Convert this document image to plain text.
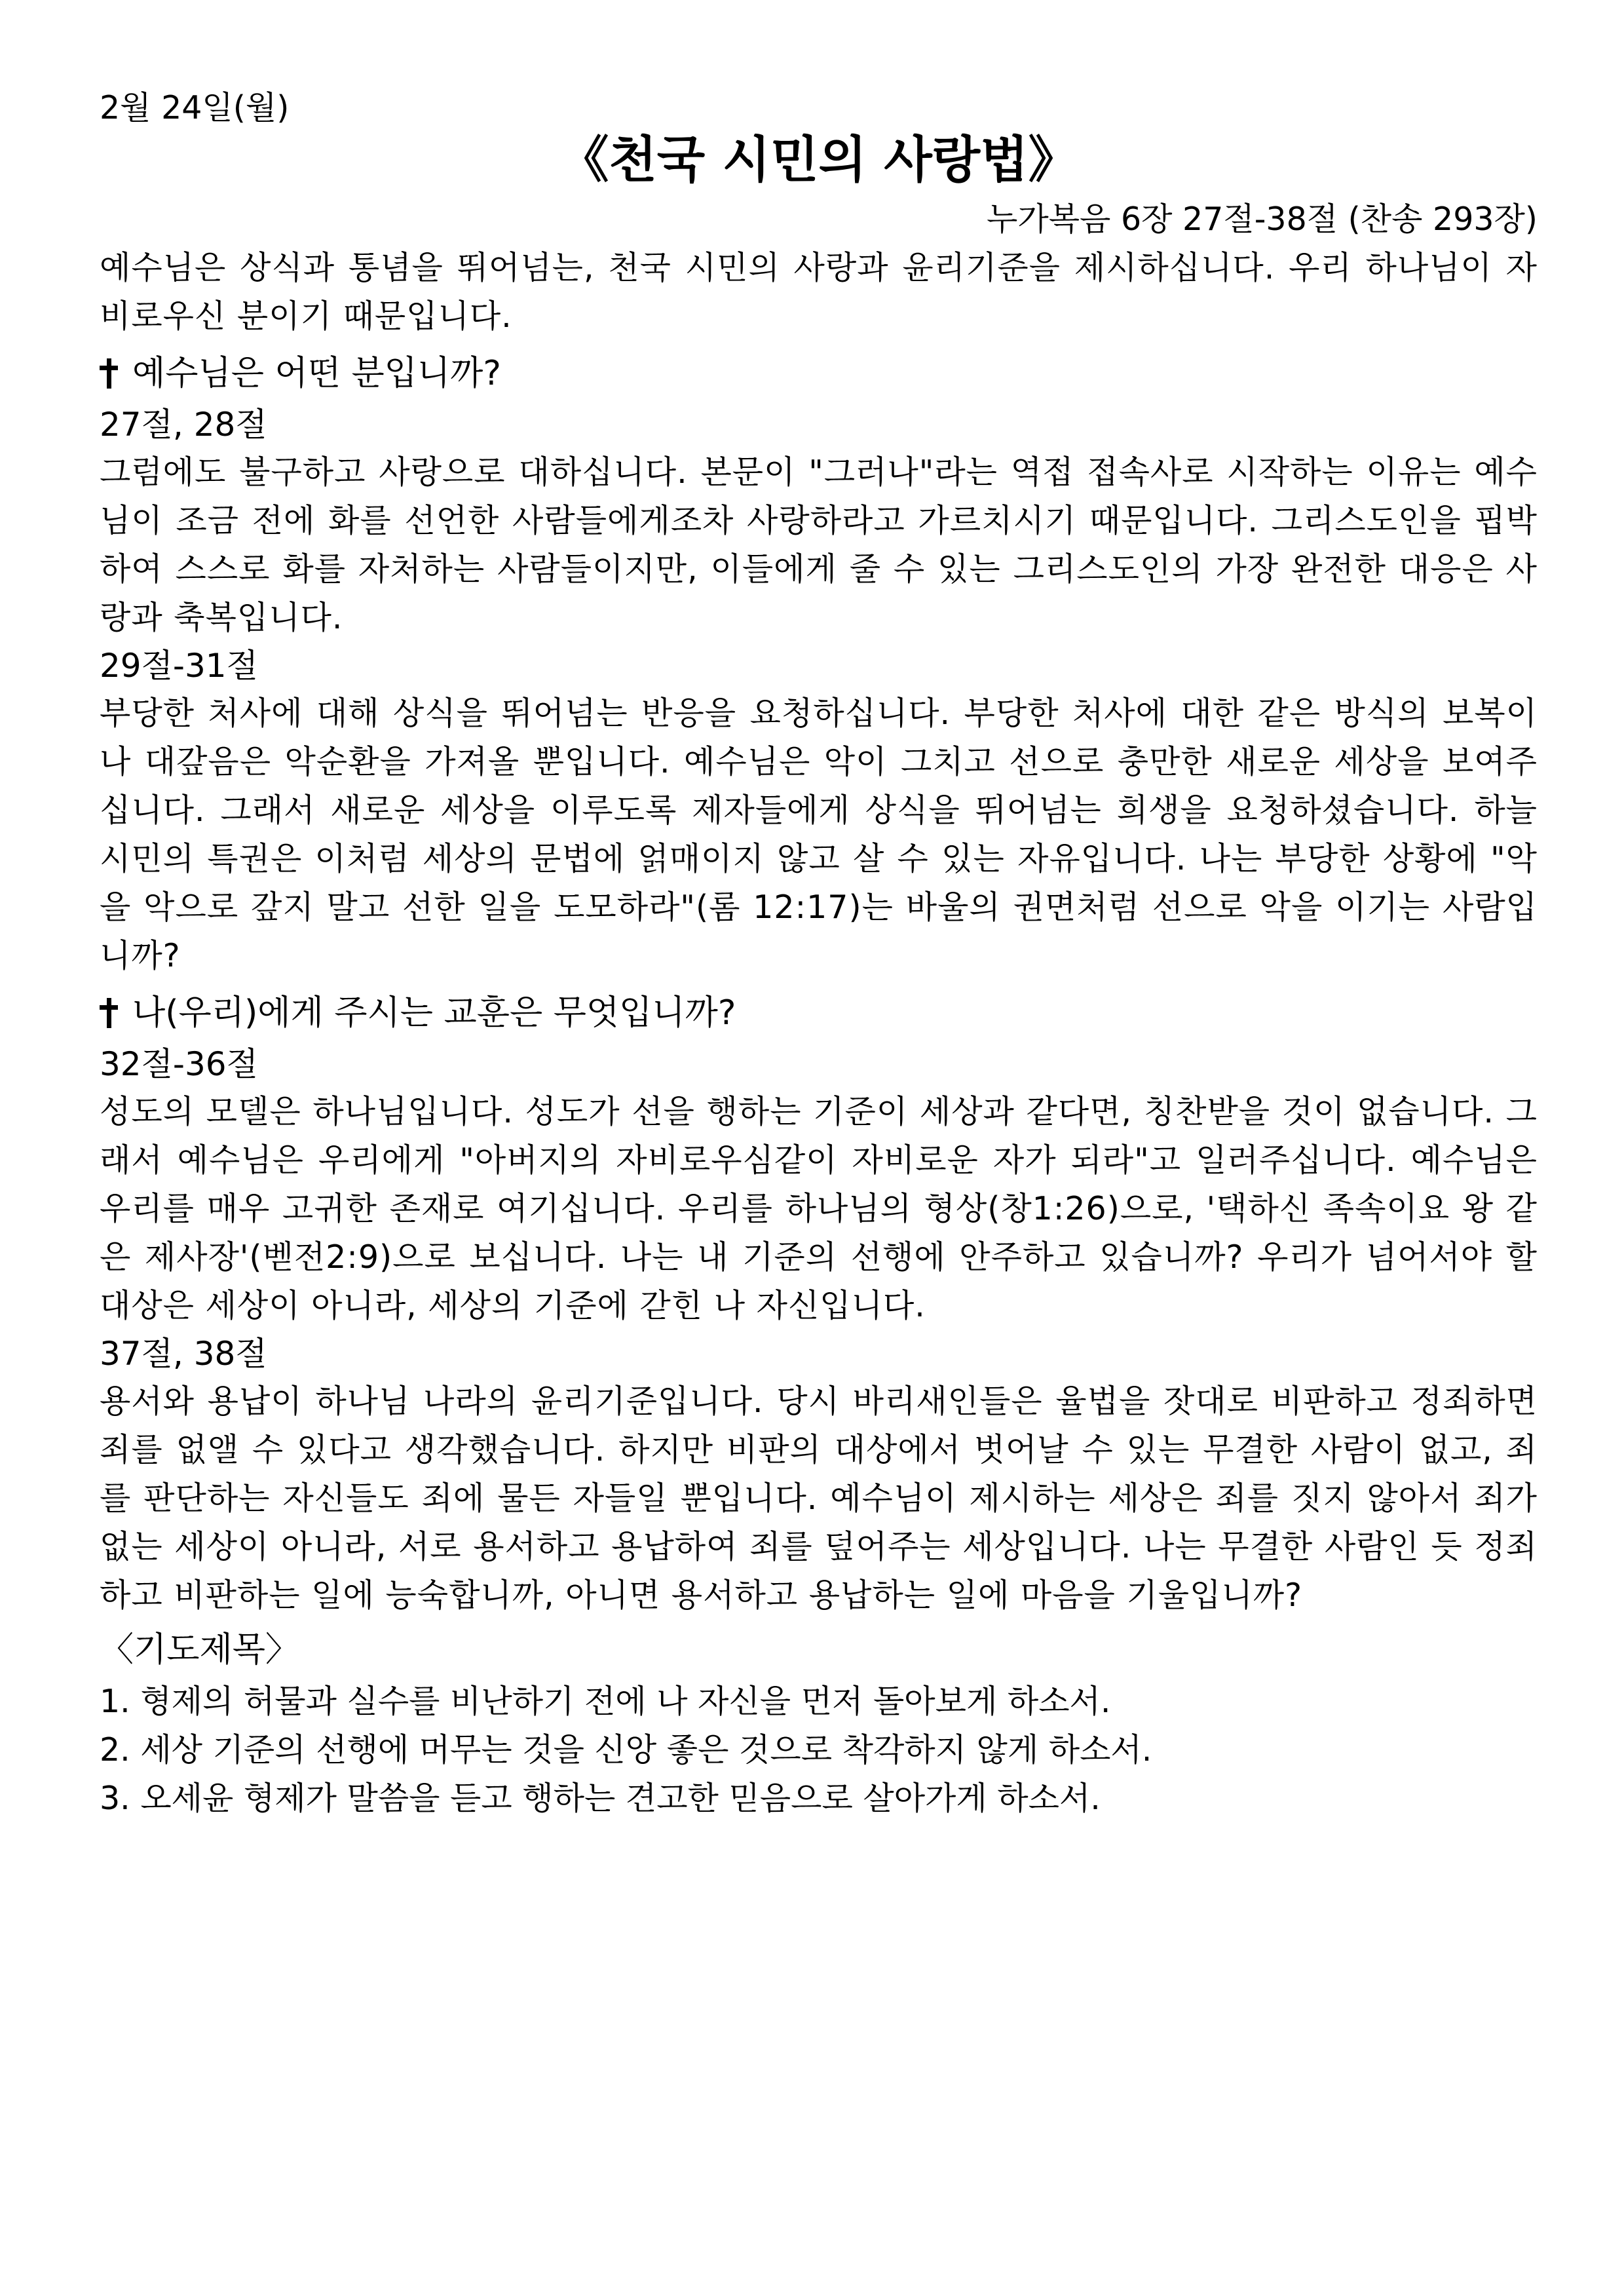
2월 24일(월)
《천국 시민의 사랑법》
누가복음 6장 27절-38절 (찬송 293장)
예수님은 상식과 통념을 뛰어넘는, 천국 시민의 사랑과 윤리기준을 제시하십니다. 우리 하나님이 자비로우신 분이기 때문입니다.
예수님은 어떤 분입니까?
27절, 28절
그럼에도 불구하고 사랑으로 대하십니다. 본문이 "그러나"라는 역접 접속사로 시작하는 이유는 예수님이 조금 전에 화를 선언한 사람들에게조차 사랑하라고 가르치시기 때문입니다. 그리스도인을 핍박하여 스스로 화를 자처하는 사람들이지만, 이들에게 줄 수 있는 그리스도인의 가장 완전한 대응은 사랑과 축복입니다.
29절-31절
부당한 처사에 대해 상식을 뛰어넘는 반응을 요청하십니다. 부당한 처사에 대한 같은 방식의 보복이나 대갚음은 악순환을 가져올 뿐입니다. 예수님은 악이 그치고 선으로 충만한 새로운 세상을 보여주십니다. 그래서 새로운 세상을 이루도록 제자들에게 상식을 뛰어넘는 희생을 요청하셨습니다. 하늘 시민의 특권은 이처럼 세상의 문법에 얽매이지 않고 살 수 있는 자유입니다. 나는 부당한 상황에 "악을 악으로 갚지 말고 선한 일을 도모하라"(롬 12:17)는 바울의 권면처럼 선으로 악을 이기는 사람입니까?
나(우리)에게 주시는 교훈은 무엇입니까?
32절-36절
성도의 모델은 하나님입니다. 성도가 선을 행하는 기준이 세상과 같다면, 칭찬받을 것이 없습니다. 그래서 예수님은 우리에게 "아버지의 자비로우심같이 자비로운 자가 되라"고 일러주십니다. 예수님은 우리를 매우 고귀한 존재로 여기십니다. 우리를 하나님의 형상(창1:26)으로, '택하신 족속이요 왕 같은 제사장'(벧전2:9)으로 보십니다. 나는 내 기준의 선행에 안주하고 있습니까? 우리가 넘어서야 할 대상은 세상이 아니라, 세상의 기준에 갇힌 나 자신입니다.
37절, 38절
용서와 용납이 하나님 나라의 윤리기준입니다. 당시 바리새인들은 율법을 잣대로 비판하고 정죄하면 죄를 없앨 수 있다고 생각했습니다. 하지만 비판의 대상에서 벗어날 수 있는 무결한 사람이 없고, 죄를 판단하는 자신들도 죄에 물든 자들일 뿐입니다. 예수님이 제시하는 세상은 죄를 짓지 않아서 죄가 없는 세상이 아니라, 서로 용서하고 용납하여 죄를 덮어주는 세상입니다. 나는 무결한 사람인 듯 정죄하고 비판하는 일에 능숙합니까, 아니면 용서하고 용납하는 일에 마음을 기울입니까?
〈기도제목〉
1. 형제의 허물과 실수를 비난하기 전에 나 자신을 먼저 돌아보게 하소서.
2. 세상 기준의 선행에 머무는 것을 신앙 좋은 것으로 착각하지 않게 하소서.
3. 오세윤 형제가 말씀을 듣고 행하는 견고한 믿음으로 살아가게 하소서.
